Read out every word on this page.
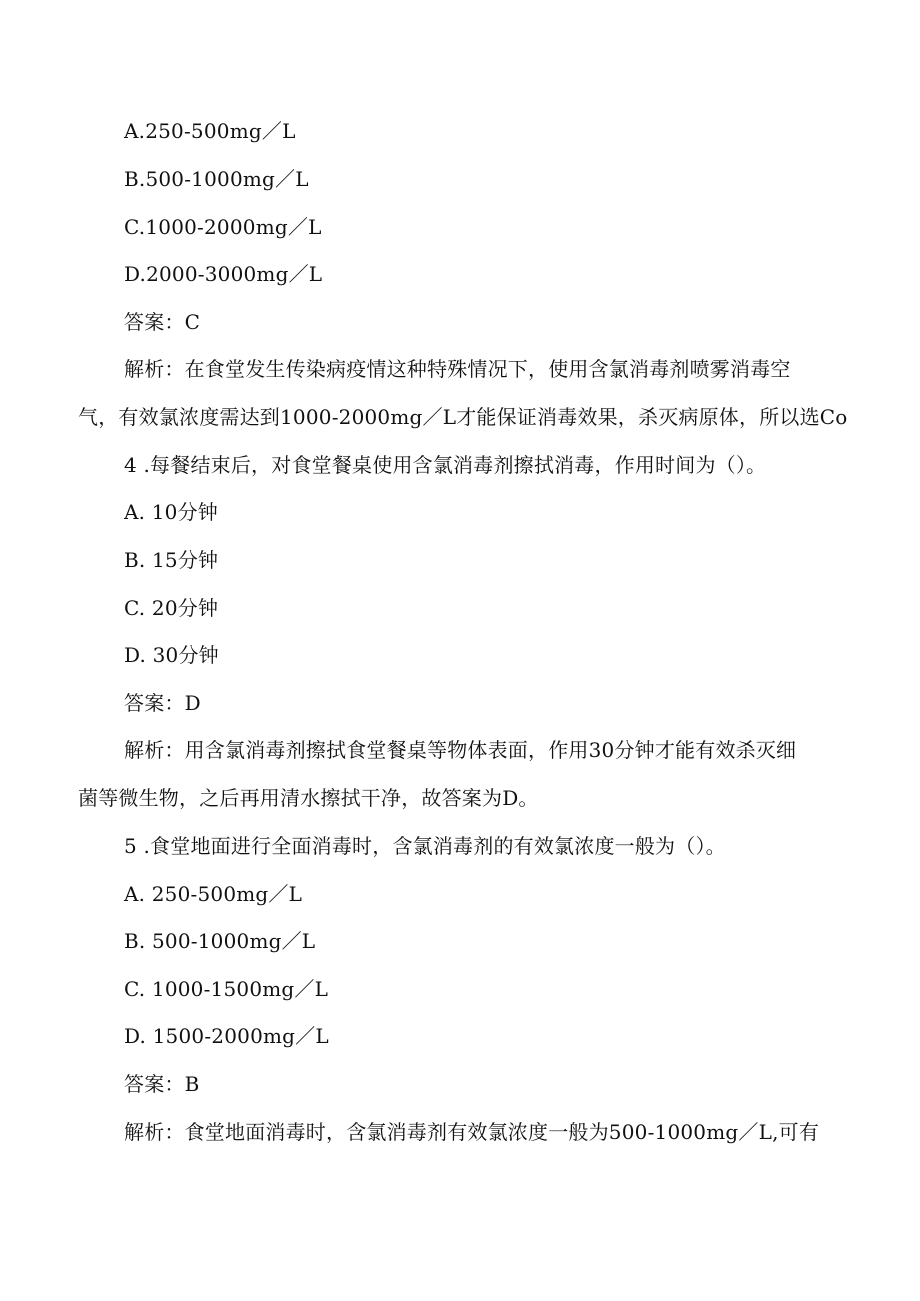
A.250-500mg／L
B.500-1000mg／L
C.1000-2000mg／L
D.2000-3000mg／L
答案：C
解析：在食堂发生传染病疫情这种特殊情况下，使用含氯消毒剂喷雾消毒空
气，有效氯浓度需达到1000-2000mg／L才能保证消毒效果，杀灭病原体，所以选Co
4 .每餐结束后，对食堂餐桌使用含氯消毒剂擦拭消毒，作用时间为（）。
A. 10分钟
B. 15分钟
C. 20分钟
D. 30分钟
答案：D
解析：用含氯消毒剂擦拭食堂餐桌等物体表面，作用30分钟才能有效杀灭细
菌等微生物，之后再用清水擦拭干净，故答案为D。
5 .食堂地面进行全面消毒时，含氯消毒剂的有效氯浓度一般为（）。
A. 250-500mg／L
B. 500-1000mg／L
C. 1000-1500mg／L
D. 1500-2000mg／L
答案：B
解析：食堂地面消毒时，含氯消毒剂有效氯浓度一般为500-1000mg／L,可有
